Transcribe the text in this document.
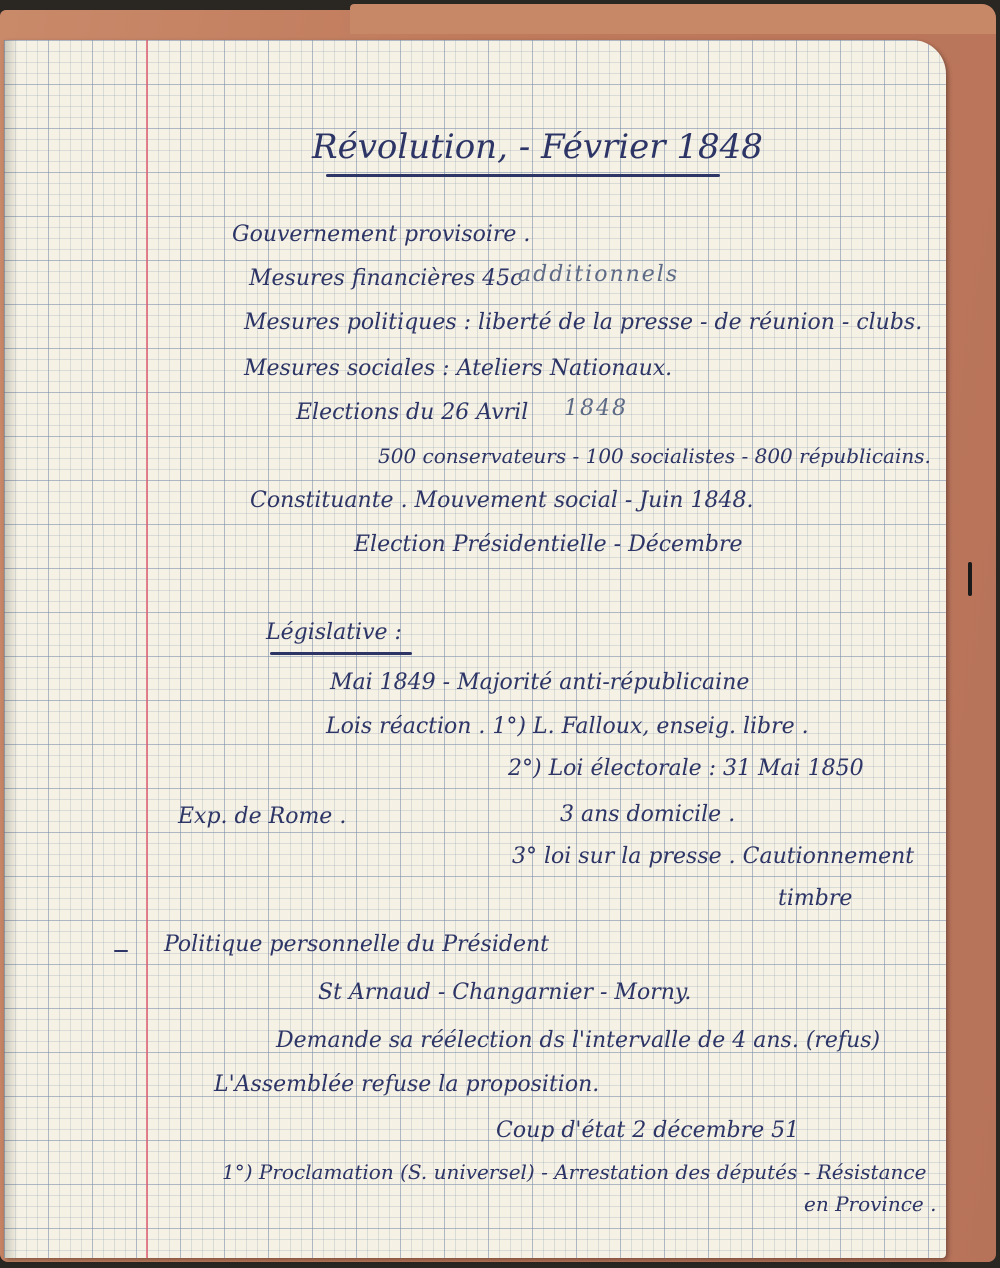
Révolution, - Février 1848
Gouvernement provisoire .
Mesures financières 45c
additionnels
Mesures politiques : liberté de la presse - de réunion - clubs.
Mesures sociales : Ateliers Nationaux.
Elections du 26 Avril 1848
500 conservateurs - 100 socialistes - 800 républicains.
Constituante . Mouvement social - Juin 1848.
Election Présidentielle - Décembre
Législative :
Mai 1849 - Majorité anti-républicaine
Lois réaction . 1°) L. Falloux, enseig. libre .
2°) Loi électorale : 31 Mai 1850
Exp. de Rome .	3 ans domicile .
3° loi sur la presse . Cautionnement
timbre
Politique personnelle du Président
St Arnaud - Changarnier - Morny.
Demande sa réélection ds l'intervalle de 4 ans. (refus)
L'Assemblée refuse la proposition.
Coup d'état 2 décembre 51
1°) Proclamation (S. universel) - Arrestation des députés - Résistance
en Province .
